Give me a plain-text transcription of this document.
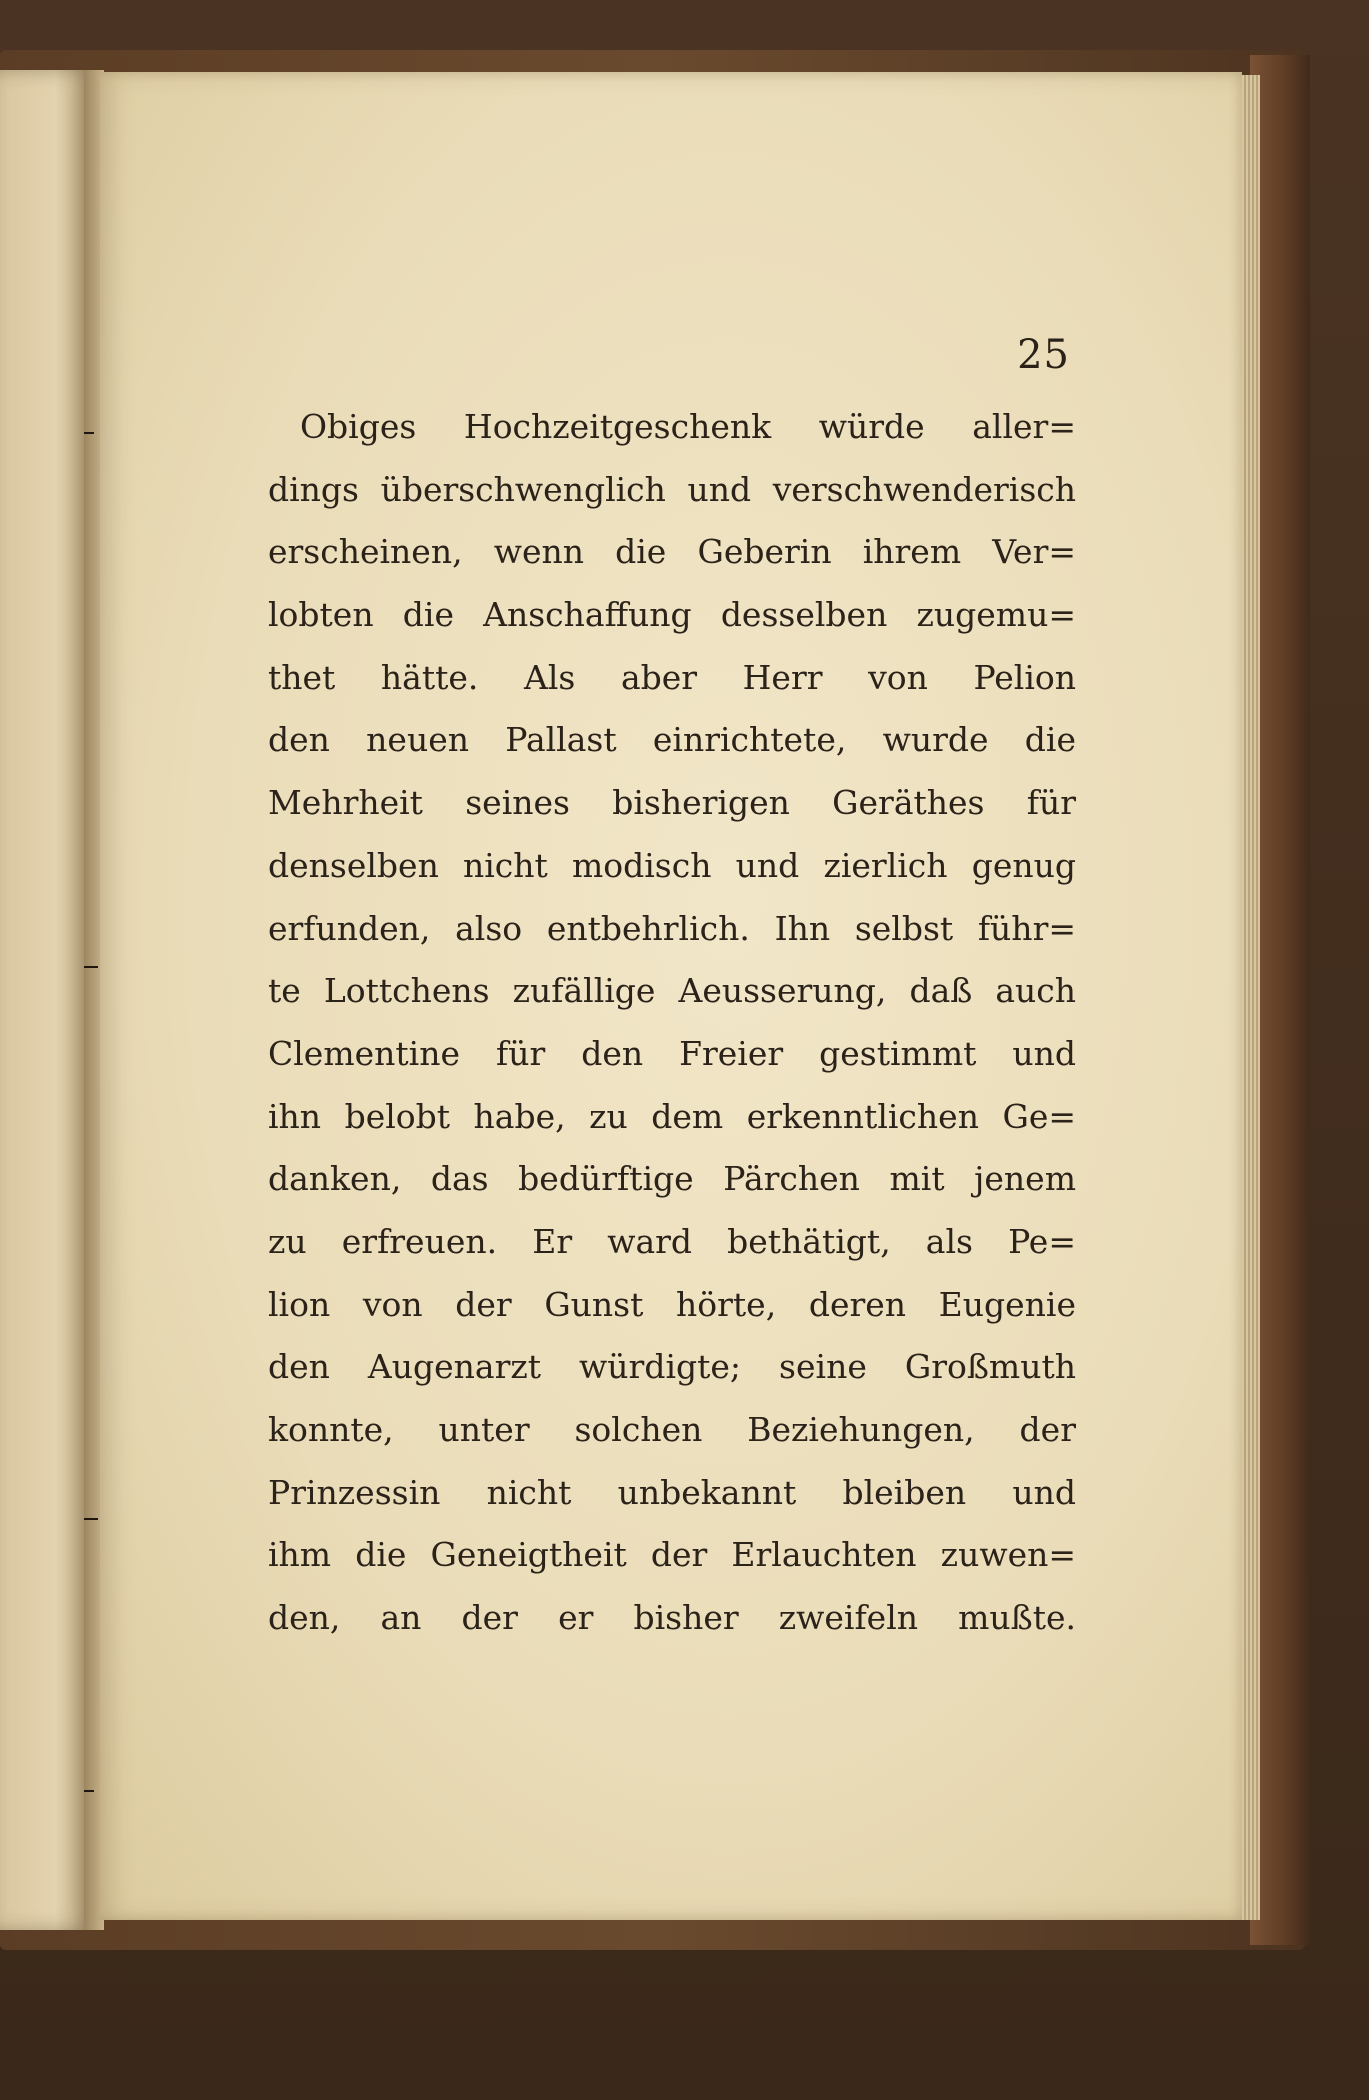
25
Obiges Hochzeitgeschenk würde aller=
dings überschwenglich und verschwenderisch
erscheinen, wenn die Geberin ihrem Ver=
lobten die Anschaffung desselben zugemu=
thet hätte. Als aber Herr von Pelion
den neuen Pallast einrichtete, wurde die
Mehrheit seines bisherigen Geräthes für
denselben nicht modisch und zierlich genug
erfunden, also entbehrlich. Ihn selbst führ=
te Lottchens zufällige Aeusserung, daß auch
Clementine für den Freier gestimmt und
ihn belobt habe, zu dem erkenntlichen Ge=
danken, das bedürftige Pärchen mit jenem
zu erfreuen. Er ward bethätigt, als Pe=
lion von der Gunst hörte, deren Eugenie
den Augenarzt würdigte; seine Großmuth
konnte, unter solchen Beziehungen, der
Prinzessin nicht unbekannt bleiben und
ihm die Geneigtheit der Erlauchten zuwen=
den, an der er bisher zweifeln mußte.
